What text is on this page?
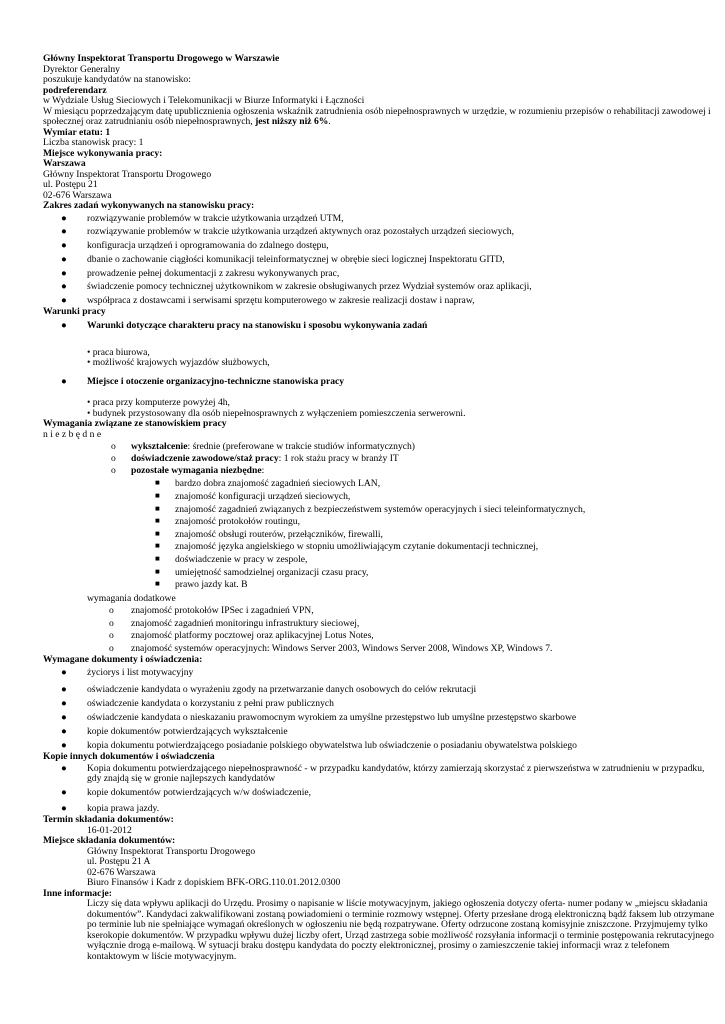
Główny Inspektorat Transportu Drogowego w Warszawie
Dyrektor Generalny
poszukuje kandydatów na stanowisko:
podreferendarz
w Wydziale Usług Sieciowych i Telekomunikacji w Biurze Informatyki i Łączności
W miesiącu poprzedzającym datę upublicznienia ogłoszenia wskaźnik zatrudnienia osób niepełnosprawnych w urzędzie, w rozumieniu przepisów o rehabilitacji zawodowej i
społecznej oraz zatrudnianiu osób niepełnosprawnych, jest niższy niż 6%.
Wymiar etatu: 1
Liczba stanowisk pracy: 1
Miejsce wykonywania pracy:
Warszawa
Główny Inspektorat Transportu Drogowego
ul. Postępu 21
02-676 Warszawa
Zakres zadań wykonywanych na stanowisku pracy:
● rozwiązywanie problemów w trakcie użytkowania urządzeń UTM,
● rozwiązywanie problemów w trakcie użytkowania urządzeń aktywnych oraz pozostałych urządzeń sieciowych,
● konfiguracja urządzeń i oprogramowania do zdalnego dostępu,
● dbanie o zachowanie ciągłości komunikacji teleinformatycznej w obrębie sieci logicznej Inspektoratu GITD,
● prowadzenie pełnej dokumentacji z zakresu wykonywanych prac,
● świadczenie pomocy technicznej użytkownikom w zakresie obsługiwanych przez Wydział systemów oraz aplikacji,
● współpraca z dostawcami i serwisami sprzętu komputerowego w zakresie realizacji dostaw i napraw,
Warunki pracy
● Warunki dotyczące charakteru pracy na stanowisku i sposobu wykonywania zadań
• praca biurowa,
• możliwość krajowych wyjazdów służbowych,
● Miejsce i otoczenie organizacyjno-techniczne stanowiska pracy
• praca przy komputerze powyżej 4h,
• budynek przystosowany dla osób niepełnosprawnych z wyłączeniem pomieszczenia serwerowni.
Wymagania związane ze stanowiskiem pracy
n i e z b ę d n e
o wykształcenie: średnie (preferowane w trakcie studiów informatycznych)
o doświadczenie zawodowe/staż pracy: 1 rok stażu pracy w branży IT
o pozostałe wymagania niezbędne:
■ bardzo dobra znajomość zagadnień sieciowych LAN,
■ znajomość konfiguracji urządzeń sieciowych,
■ znajomość zagadnień związanych z bezpieczeństwem systemów operacyjnych i sieci teleinformatycznych,
■ znajomość protokołów routingu,
■ znajomość obsługi routerów, przełączników, firewalli,
■ znajomość języka angielskiego w stopniu umożliwiającym czytanie dokumentacji technicznej,
■ doświadczenie w pracy w zespole,
■ umiejętność samodzielnej organizacji czasu pracy,
■ prawo jazdy kat. B
wymagania dodatkowe
o znajomość protokołów IPSec i zagadnień VPN,
o znajomość zagadnień monitoringu infrastruktury sieciowej,
o znajomość platformy pocztowej oraz aplikacyjnej Lotus Notes,
o znajomość systemów operacyjnych: Windows Server 2003, Windows Server 2008, Windows XP, Windows 7.
Wymagane dokumenty i oświadczenia:
● życiorys i list motywacyjny
● oświadczenie kandydata o wyrażeniu zgody na przetwarzanie danych osobowych do celów rekrutacji
● oświadczenie kandydata o korzystaniu z pełni praw publicznych
● oświadczenie kandydata o nieskazaniu prawomocnym wyrokiem za umyślne przestępstwo lub umyślne przestępstwo skarbowe
● kopie dokumentów potwierdzających wykształcenie
● kopia dokumentu potwierdzającego posiadanie polskiego obywatelstwa lub oświadczenie o posiadaniu obywatelstwa polskiego
Kopie innych dokumentów i oświadczenia
● Kopia dokumentu potwierdzającego niepełnosprawność - w przypadku kandydatów, którzy zamierzają skorzystać z pierwszeństwa w zatrudnieniu w przypadku,
gdy znajdą się w gronie najlepszych kandydatów
● kopie dokumentów potwierdzających w/w doświadczenie,
● kopia prawa jazdy.
Termin składania dokumentów:
16-01-2012
Miejsce składania dokumentów:
Główny Inspektorat Transportu Drogowego
ul. Postępu 21 A
02-676 Warszawa
Biuro Finansów i Kadr z dopiskiem BFK-ORG.110.01.2012.0300
Inne informacje:
Liczy się data wpływu aplikacji do Urzędu. Prosimy o napisanie w liście motywacyjnym, jakiego ogłoszenia dotyczy oferta- numer podany w „miejscu składania
dokumentów”. Kandydaci zakwalifikowani zostaną powiadomieni o terminie rozmowy wstępnej. Oferty przesłane drogą elektroniczną bądź faksem lub otrzymane
po terminie lub nie spełniające wymagań określonych w ogłoszeniu nie będą rozpatrywane. Oferty odrzucone zostaną komisyjnie zniszczone. Przyjmujemy tylko
kserokopie dokumentów. W przypadku wpływu dużej liczby ofert, Urząd zastrzega sobie możliwość rozsyłania informacji o terminie postępowania rekrutacyjnego
wyłącznie drogą e-mailową. W sytuacji braku dostępu kandydata do poczty elektronicznej, prosimy o zamieszczenie takiej informacji wraz z telefonem
kontaktowym w liście motywacyjnym.
